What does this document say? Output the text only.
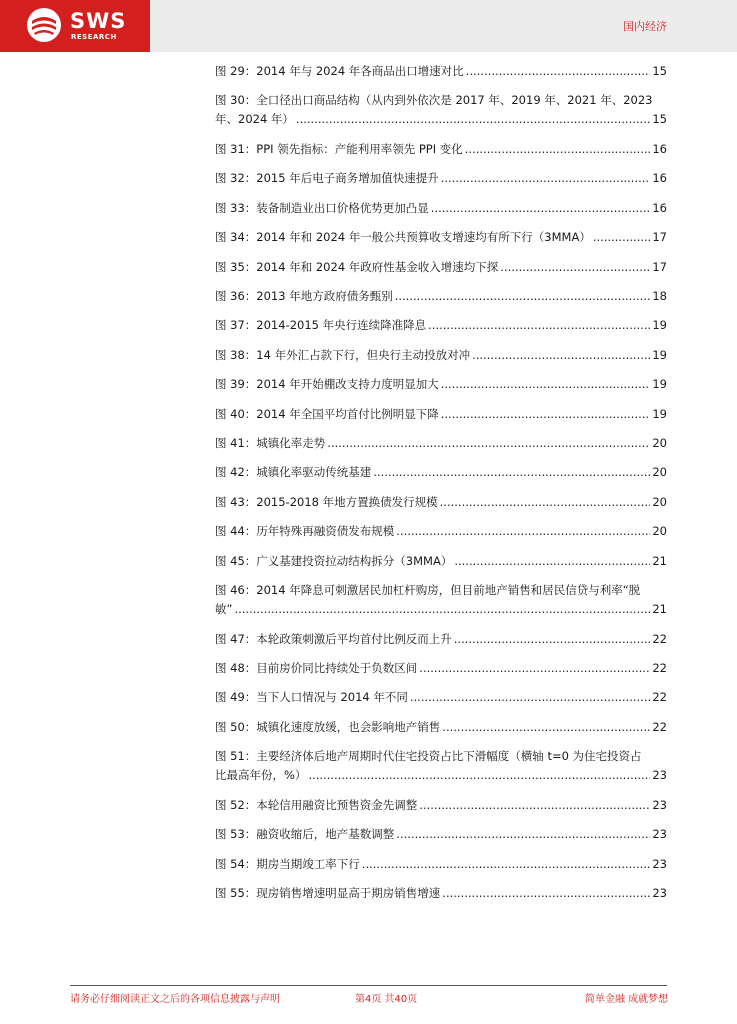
SWS
RESEARCH
国内经济
图 29：2014 年与 2024 年各商品出口增速对比 .....	15
图 30：全口径出口商品结构（从内到外依次是 2017 年、2019 年、2021 年、2023
年、2024 年） .....	15
图 31：PPI 领先指标：产能利用率领先 PPI 变化 .....	16
图 32：2015 年后电子商务增加值快速提升 .....	16
图 33：装备制造业出口价格优势更加凸显 .....	16
图 34：2014 年和 2024 年一般公共预算收支增速均有所下行（3MMA） .....	17
图 35：2014 年和 2024 年政府性基金收入增速均下探 .....	17
图 36：2013 年地方政府债务甄别 .....	18
图 37：2014-2015 年央行连续降准降息 .....	19
图 38：14 年外汇占款下行，但央行主动投放对冲 .....	19
图 39：2014 年开始棚改支持力度明显加大 .....	19
图 40：2014 年全国平均首付比例明显下降 .....	19
图 41：城镇化率走势 .....	20
图 42：城镇化率驱动传统基建 .....	20
图 43：2015-2018 年地方置换债发行规模 .....	20
图 44：历年特殊再融资债发布规模 .....	20
图 45：广义基建投资拉动结构拆分（3MMA） .....	21
图 46：2014 年降息可刺激居民加杠杆购房，但目前地产销售和居民信贷与利率“脱
敏” .....	21
图 47：本轮政策刺激后平均首付比例反而上升 .....	22
图 48：目前房价同比持续处于负数区间 .....	22
图 49：当下人口情况与 2014 年不同 .....	22
图 50：城镇化速度放缓，也会影响地产销售 .....	22
图 51：主要经济体后地产周期时代住宅投资占比下滑幅度（横轴 t=0 为住宅投资占
比最高年份，%） .....	23
图 52：本轮信用融资比预售资金先调整 .....	23
图 53：融资收缩后，地产基数调整 .....	23
图 54：期房当期竣工率下行 .....	23
图 55：现房销售增速明显高于期房销售增速 .....	23
请务必仔细阅读正文之后的各项信息披露与声明	第4页 共40页	简单金融 成就梦想
